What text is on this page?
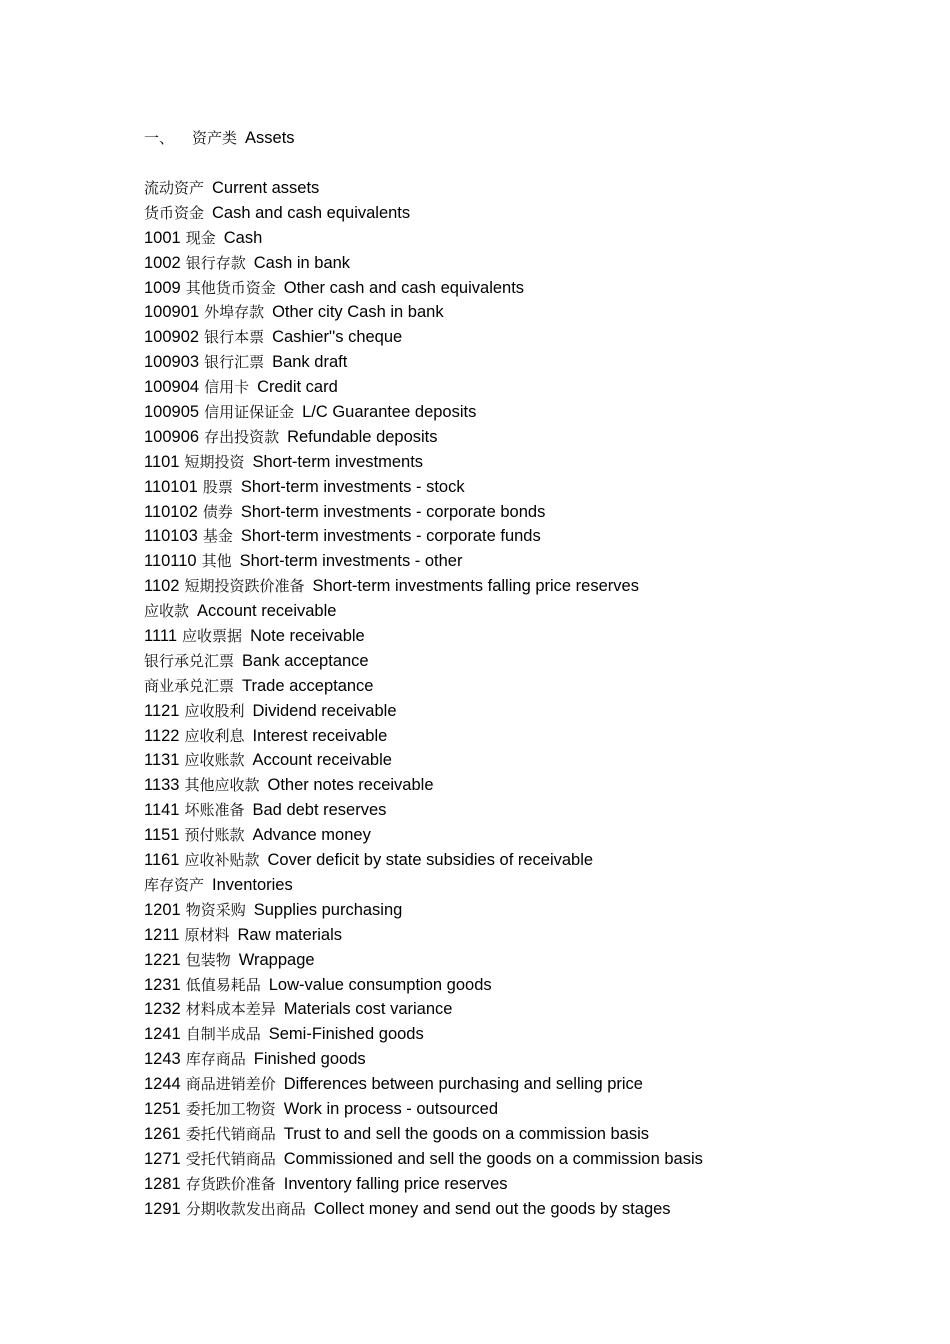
一、 资产类 Assets
流动资产 Current assets
货币资金 Cash and cash equivalents
1001 现金 Cash
1002 银行存款 Cash in bank
1009 其他货币资金 Other cash and cash equivalents
100901 外埠存款 Other city Cash in bank
100902 银行本票 Cashier''s cheque
100903 银行汇票 Bank draft
100904 信用卡 Credit card
100905 信用证保证金 L/C Guarantee deposits
100906 存出投资款 Refundable deposits
1101 短期投资 Short-term investments
110101 股票 Short-term investments - stock
110102 债券 Short-term investments - corporate bonds
110103 基金 Short-term investments - corporate funds
110110 其他 Short-term investments - other
1102 短期投资跌价准备 Short-term investments falling price reserves
应收款 Account receivable
1111 应收票据 Note receivable
银行承兑汇票 Bank acceptance
商业承兑汇票 Trade acceptance
1121 应收股利 Dividend receivable
1122 应收利息 Interest receivable
1131 应收账款 Account receivable
1133 其他应收款 Other notes receivable
1141 坏账准备 Bad debt reserves
1151 预付账款 Advance money
1161 应收补贴款 Cover deficit by state subsidies of receivable
库存资产 Inventories
1201 物资采购 Supplies purchasing
1211 原材料 Raw materials
1221 包装物 Wrappage
1231 低值易耗品 Low-value consumption goods
1232 材料成本差异 Materials cost variance
1241 自制半成品 Semi-Finished goods
1243 库存商品 Finished goods
1244 商品进销差价 Differences between purchasing and selling price
1251 委托加工物资 Work in process - outsourced
1261 委托代销商品 Trust to and sell the goods on a commission basis
1271 受托代销商品 Commissioned and sell the goods on a commission basis
1281 存货跌价准备 Inventory falling price reserves
1291 分期收款发出商品 Collect money and send out the goods by stages
